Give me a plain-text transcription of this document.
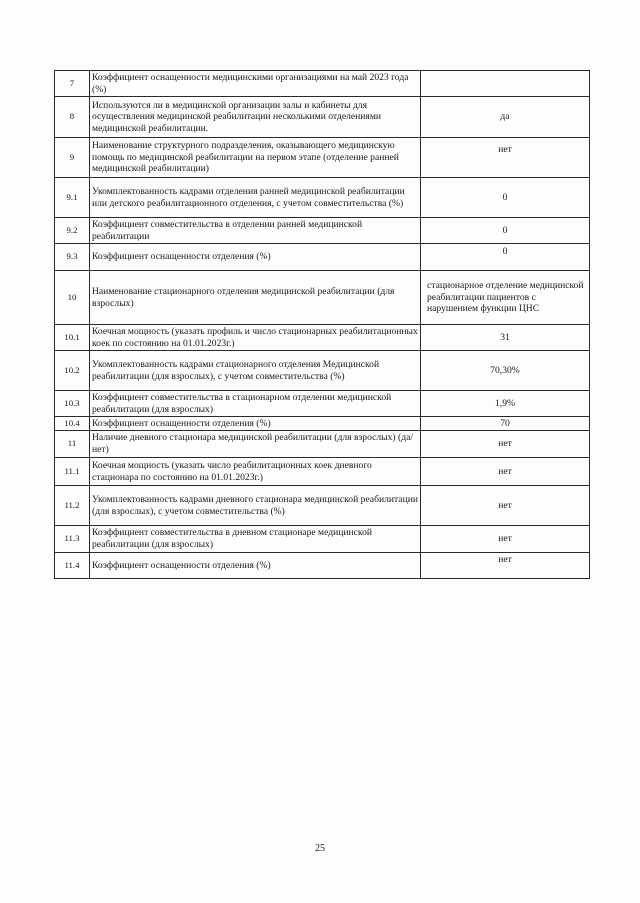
7	Коэффициент оснащенности медицинскими организациями на май 2023 года (%)	
8	Используются ли в медицинской организации залы и кабинеты для осуществления медицинской реабилитации несколькими отделениями медицинской реабилитации.	да
9	Наименование структурного подразделения, оказывающего медицинскую помощь по медицинской реабилитации на первом этапе (отделение ранней медицинской реабилитации)	нет
9.1	Укомплектованность кадрами отделения ранней медицинской реабилитации или детского реабилитационного отделения, с учетом совместительства (%)	0
9.2	Коэффициент совместительства в отделении ранней медицинской реабилитации	0
9.3	Коэффициент оснащенности отделения (%)	0
10	Наименование стационарного отделения медицинской реабилитации (для взрослых)	стационарное отделение медицинской реабилитации пациентов с нарушением функции ЦНС
10.1	Коечная мощность (указать профиль и число стационарных реабилитационных коек по состоянию на 01.01.2023г.)	31
10.2	Укомплектованность кадрами стационарного отделения Медицинской реабилитации (для взрослых), с учетом совместительства (%)	70,30%
10.3	Коэффициент совместительства в стационарном отделении медицинской реабилитации (для взрослых)	1,9%
10.4	Коэффициент оснащенности отделения (%)	70
11	Наличие дневного стационара медицинской реабилитации (для взрослых) (да/нет)	нет
11.1	Коечная мощность (указать число реабилитационных коек дневного стационара по состоянию на 01.01.2023г.)	нет
11.2	Укомплектованность кадрами дневного стационара медицинской реабилитации (для взрослых), с учетом совместительства (%)	нет
11.3	Коэффициент совместительства в дневном стационаре медицинской реабилитации (для взрослых)	нет
11.4	Коэффициент оснащенности отделения (%)	нет
25
